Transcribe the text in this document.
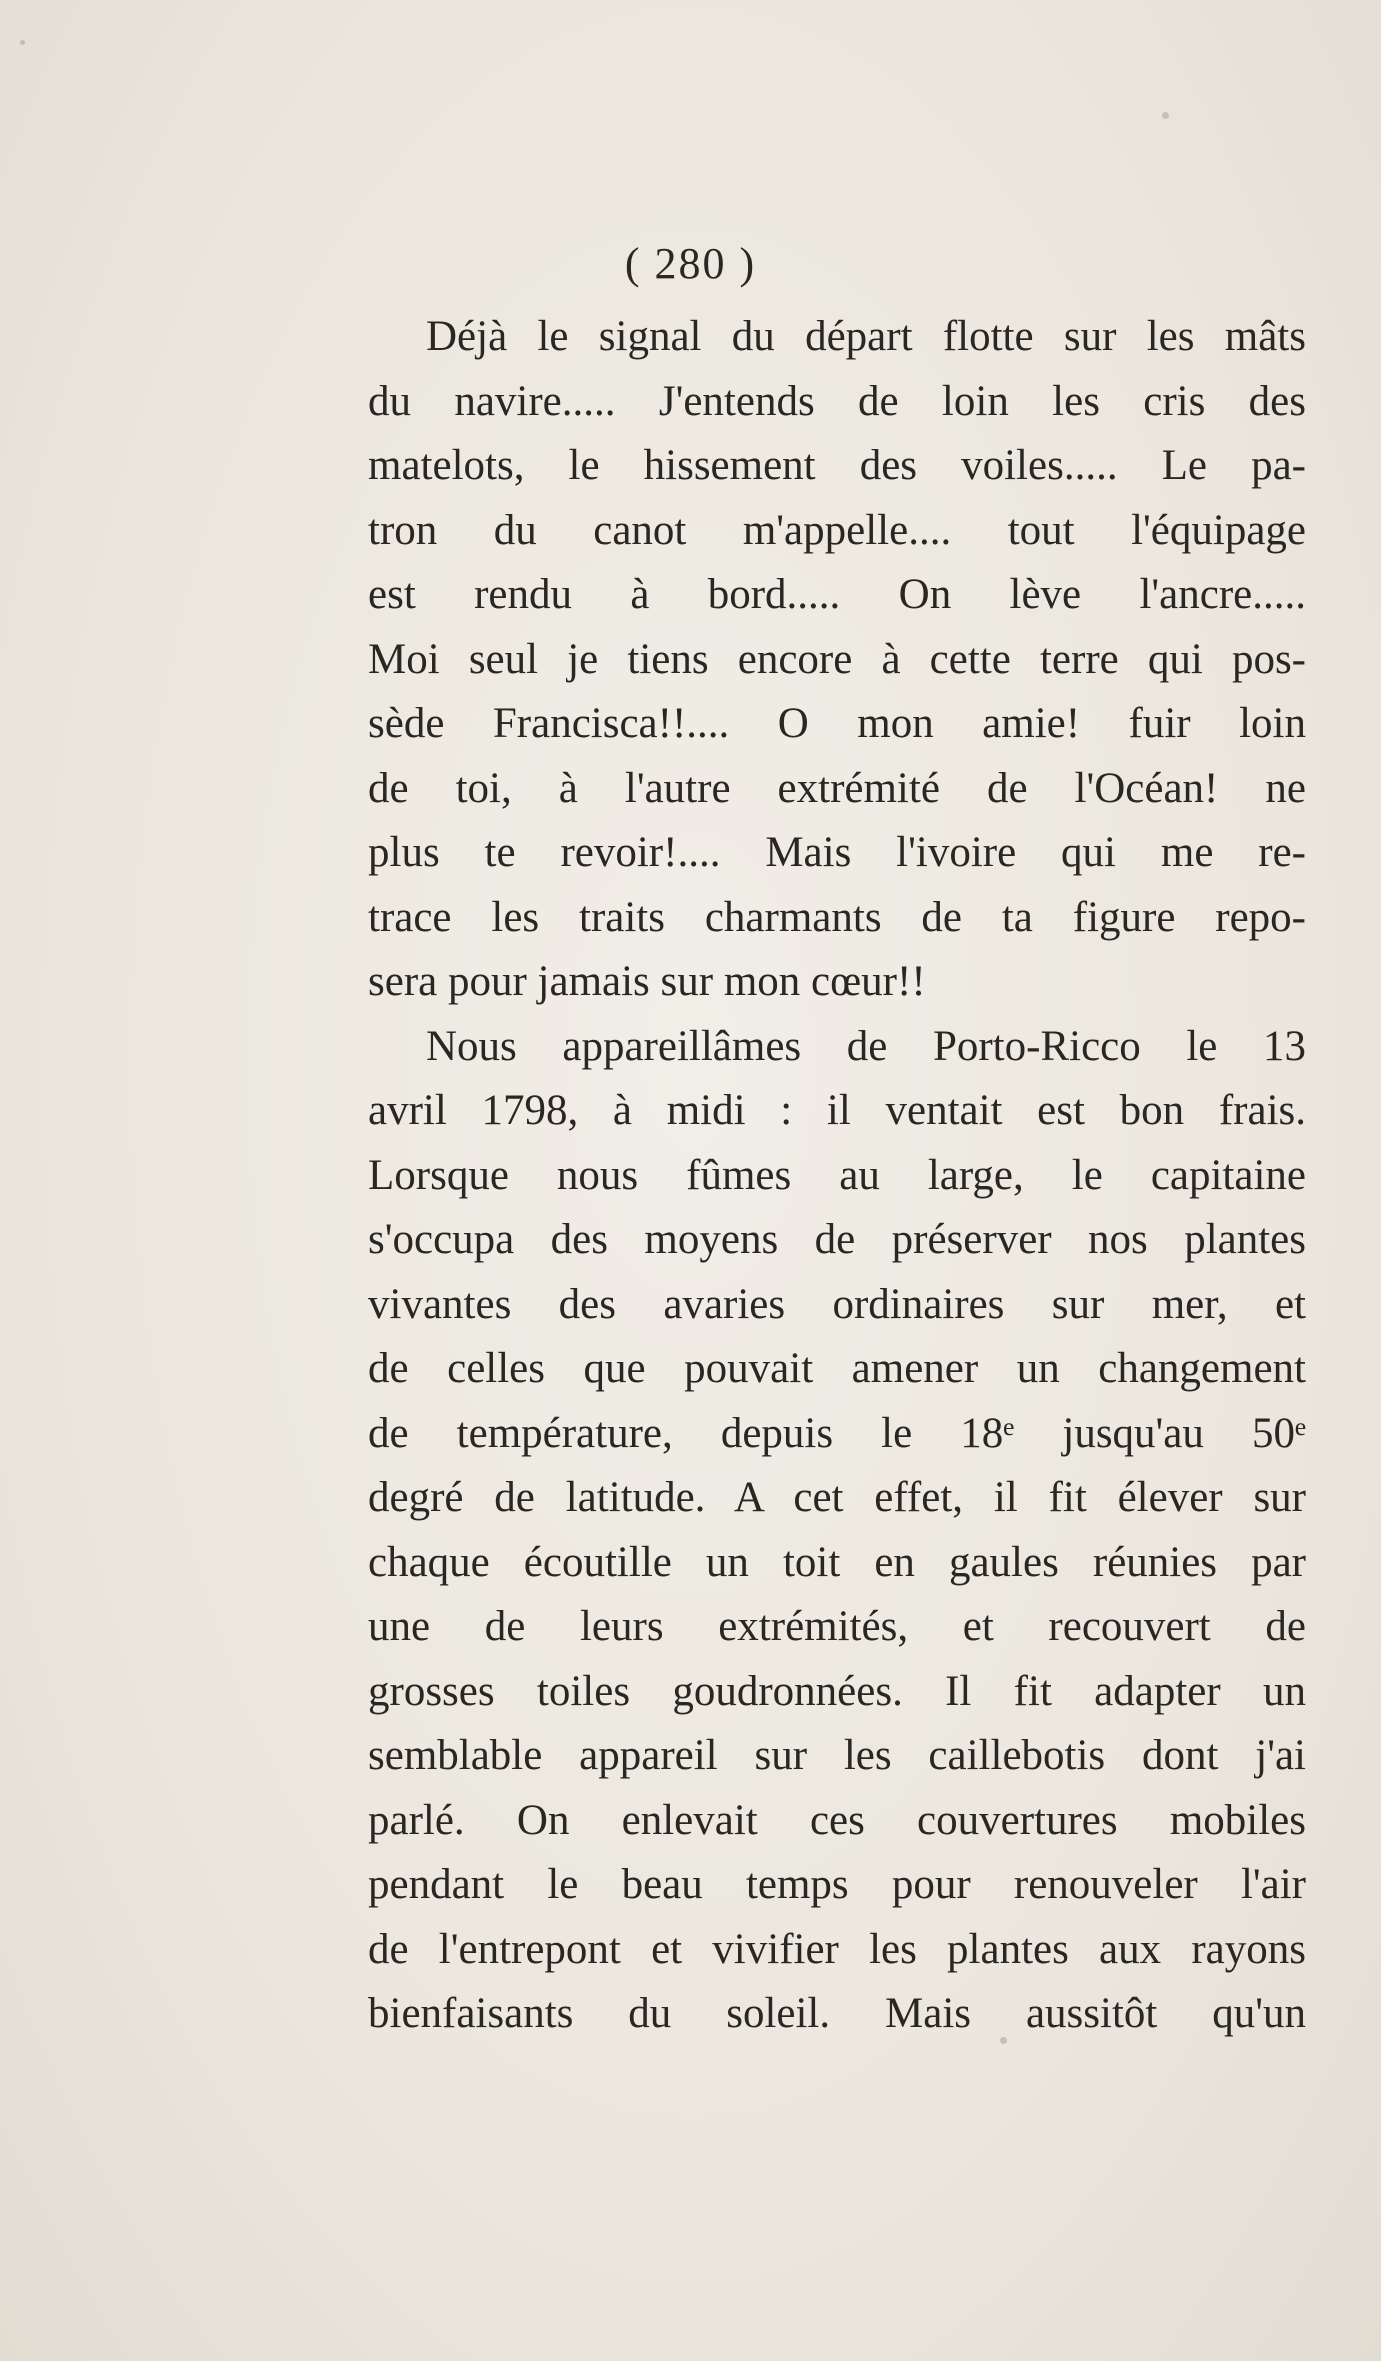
( 280 )
Déjà le signal du départ flotte sur les mâts
du navire..... J'entends de loin les cris des
matelots, le hissement des voiles..... Le pa-
tron du canot m'appelle.... tout l'équipage
est rendu à bord..... On lève l'ancre.....
Moi seul je tiens encore à cette terre qui pos-
sède Francisca!!.... O mon amie! fuir loin
de toi, à l'autre extrémité de l'Océan! ne
plus te revoir!.... Mais l'ivoire qui me re-
trace les traits charmants de ta figure repo-
sera pour jamais sur mon cœur!!
Nous appareillâmes de Porto-Ricco le 13
avril 1798, à midi : il ventait est bon frais.
Lorsque nous fûmes au large, le capitaine
s'occupa des moyens de préserver nos plantes
vivantes des avaries ordinaires sur mer, et
de celles que pouvait amener un changement
de température, depuis le 18ᵉ jusqu'au 50ᵉ
degré de latitude. A cet effet, il fit élever sur
chaque écoutille un toit en gaules réunies par
une de leurs extrémités, et recouvert de
grosses toiles goudronnées. Il fit adapter un
semblable appareil sur les caillebotis dont j'ai
parlé. On enlevait ces couvertures mobiles
pendant le beau temps pour renouveler l'air
de l'entrepont et vivifier les plantes aux rayons
bienfaisants du soleil. Mais aussitôt qu'un
